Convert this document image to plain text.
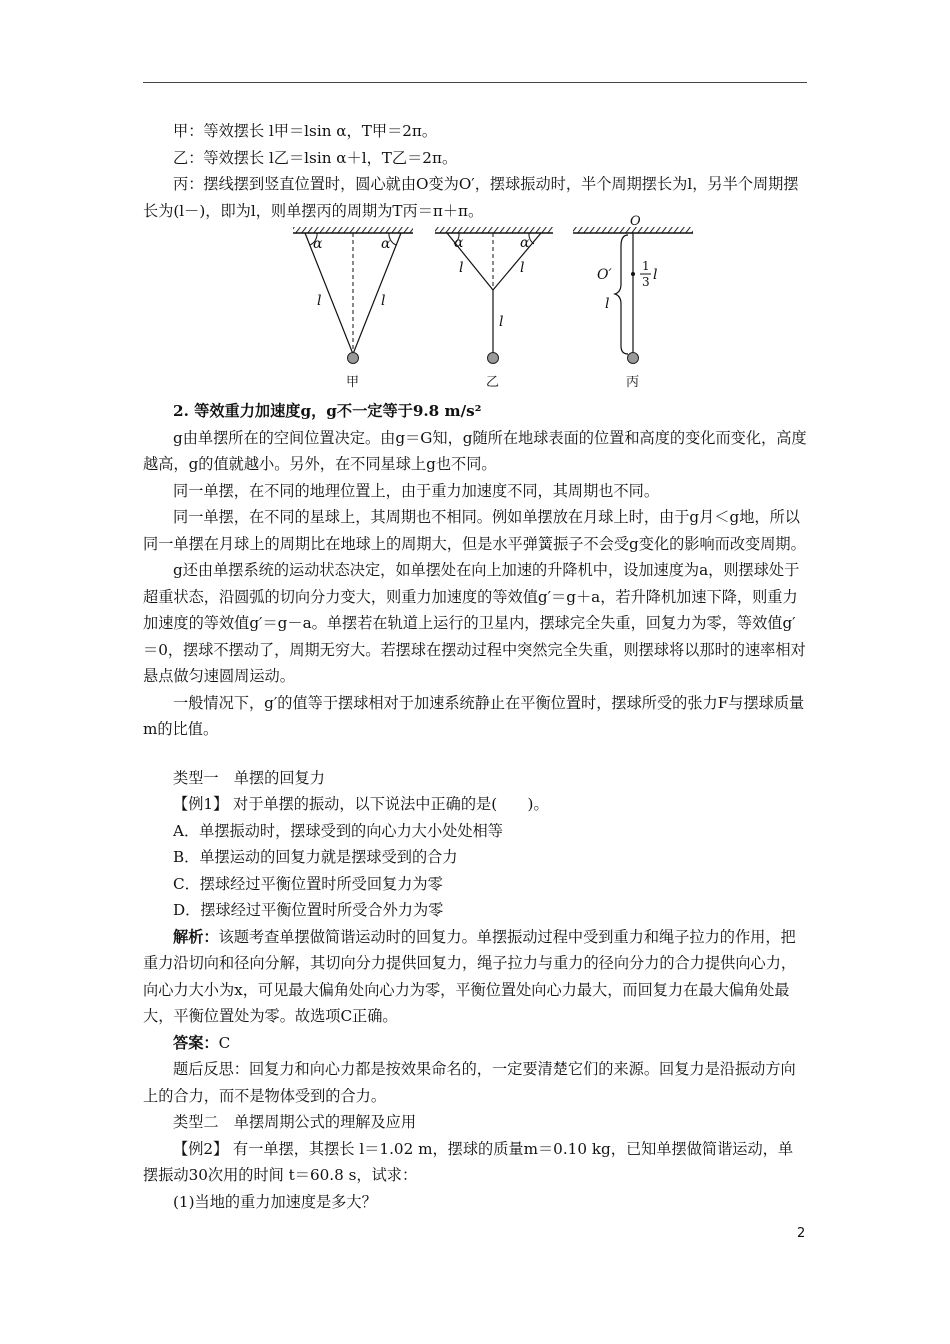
甲：等效摆长 l甲＝lsin α，T甲＝2π。

乙：等效摆长 l乙＝lsin α＋l，T乙＝2π。

丙：摆线摆到竖直位置时，圆心就由O变为O′，摆球振动时，半个周期摆长为l，另半个周期摆长为(l－)，即为l，则单摆丙的周期为T丙＝π＋π。

α	α
l	l
甲
α	α
l	l
l
乙
O
O′
l
1
3 l
丙

2. 等效重力加速度g，g不一定等于9.8 m/s²

g由单摆所在的空间位置决定。由g＝G知，g随所在地球表面的位置和高度的变化而变化，高度越高，g的值就越小。另外，在不同星球上g也不同。

同一单摆，在不同的地理位置上，由于重力加速度不同，其周期也不同。

同一单摆，在不同的星球上，其周期也不相同。例如单摆放在月球上时，由于g月＜g地，所以同一单摆在月球上的周期比在地球上的周期大，但是水平弹簧振子不会受g变化的影响而改变周期。

g还由单摆系统的运动状态决定，如单摆处在向上加速的升降机中，设加速度为a，则摆球处于超重状态，沿圆弧的切向分力变大，则重力加速度的等效值g′＝g＋a，若升降机加速下降，则重力加速度的等效值g′＝g－a。单摆若在轨道上运行的卫星内，摆球完全失重，回复力为零，等效值g′＝0，摆球不摆动了，周期无穷大。若摆球在摆动过程中突然完全失重，则摆球将以那时的速率相对悬点做匀速圆周运动。

一般情况下，g′的值等于摆球相对于加速系统静止在平衡位置时，摆球所受的张力F与摆球质量m的比值。

类型一　单摆的回复力

【例1】 对于单摆的振动，以下说法中正确的是(　　)。

A．单摆振动时，摆球受到的向心力大小处处相等

B．单摆运动的回复力就是摆球受到的合力

C．摆球经过平衡位置时所受回复力为零

D．摆球经过平衡位置时所受合外力为零

解析：该题考查单摆做简谐运动时的回复力。单摆振动过程中受到重力和绳子拉力的作用，把重力沿切向和径向分解，其切向分力提供回复力，绳子拉力与重力的径向分力的合力提供向心力，向心力大小为x，可见最大偏角处向心力为零，平衡位置处向心力最大，而回复力在最大偏角处最大，平衡位置处为零。故选项C正确。

答案：C

题后反思：回复力和向心力都是按效果命名的，一定要清楚它们的来源。回复力是沿振动方向上的合力，而不是物体受到的合力。

类型二　单摆周期公式的理解及应用

【例2】 有一单摆，其摆长 l＝1.02 m，摆球的质量m＝0.10 kg，已知单摆做简谐运动，单摆振动30次用的时间 t＝60.8 s，试求：

(1)当地的重力加速度是多大？

2
